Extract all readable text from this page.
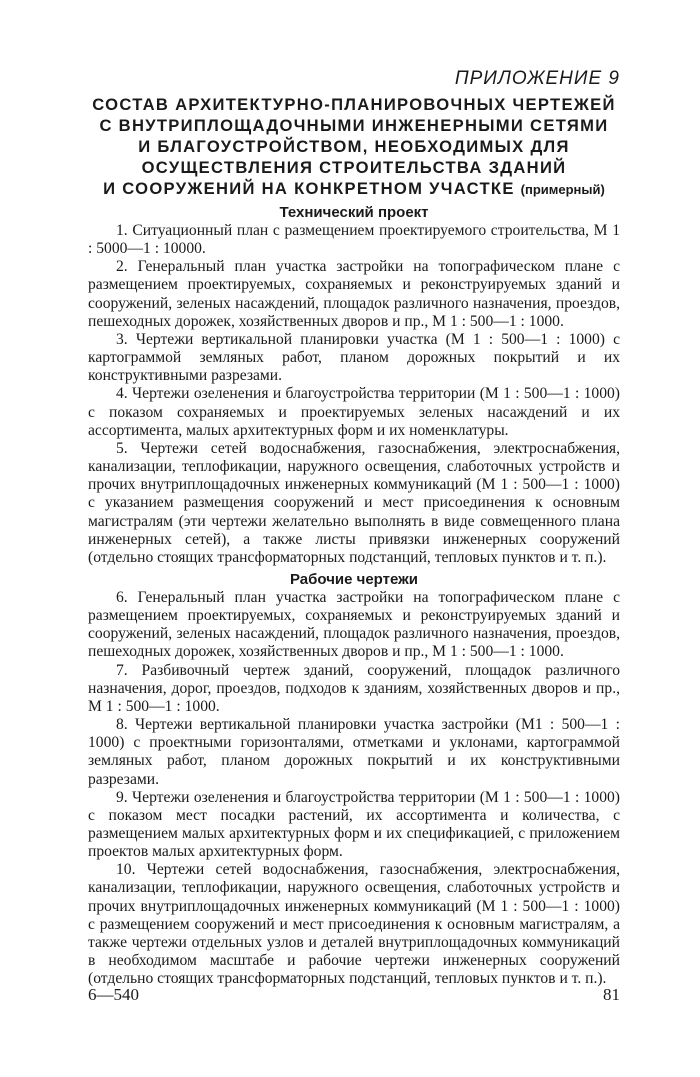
ПРИЛОЖЕНИЕ 9

СОСТАВ АРХИТЕКТУРНО-ПЛАНИРОВОЧНЫХ ЧЕРТЕЖЕЙ
С ВНУТРИПЛОЩАДОЧНЫМИ ИНЖЕНЕРНЫМИ СЕТЯМИ
И БЛАГОУСТРОЙСТВОМ, НЕОБХОДИМЫХ ДЛЯ
ОСУЩЕСТВЛЕНИЯ СТРОИТЕЛЬСТВА ЗДАНИЙ
И СООРУЖЕНИЙ НА КОНКРЕТНОМ УЧАСТКЕ (примерный)
Технический проект

1. Ситуационный план с размещением проектируемого строительства, М 1 : 5000—1 : 10000.

2. Генеральный план участка застройки на топографическом плане с размещением проектируемых, сохраняемых и реконструируемых зданий и сооружений, зеленых насаждений, площадок различного назначения, проездов, пешеходных дорожек, хозяйственных дворов и пр., М 1 : 500—1 : 1000.

3. Чертежи вертикальной планировки участка (М 1 : 500—1 : 1000) с картограммой земляных работ, планом дорожных покрытий и их конструктивными разрезами.

4. Чертежи озеленения и благоустройства территории (М 1 : 500—1 : 1000) с показом сохраняемых и проектируемых зеленых насаждений и их ассортимента, малых архитектурных форм и их номенклатуры.

5. Чертежи сетей водоснабжения, газоснабжения, электроснабжения, канализации, теплофикации, наружного освещения, слаботочных устройств и прочих внутриплощадочных инженерных коммуникаций (М 1 : 500—1 : 1000) с указанием размещения сооружений и мест присоединения к основным магистралям (эти чертежи желательно выполнять в виде совмещенного плана инженерных сетей), а также листы привязки инженерных сооружений (отдельно стоящих трансформаторных подстанций, тепловых пунктов и т. п.).

Рабочие чертежи

6. Генеральный план участка застройки на топографическом плане с размещением проектируемых, сохраняемых и реконструируемых зданий и сооружений, зеленых насаждений, площадок различного назначения, проездов, пешеходных дорожек, хозяйственных дворов и пр., М 1 : 500—1 : 1000.

7. Разбивочный чертеж зданий, сооружений, площадок различного назначения, дорог, проездов, подходов к зданиям, хозяйственных дворов и пр., М 1 : 500—1 : 1000.

8. Чертежи вертикальной планировки участка застройки (М1 : 500—1 : 1000) с проектными горизонталями, отметками и уклонами, картограммой земляных работ, планом дорожных покрытий и их конструктивными разрезами.

9. Чертежи озеленения и благоустройства территории (М 1 : 500—1 : 1000) с показом мест посадки растений, их ассортимента и количества, с размещением малых архитектурных форм и их спецификацией, с приложением проектов малых архитектурных форм.

10. Чертежи сетей водоснабжения, газоснабжения, электроснабжения, канализации, теплофикации, наружного освещения, слаботочных устройств и прочих внутриплощадочных инженерных коммуникаций (М 1 : 500—1 : 1000) с размещением сооружений и мест присоединения к основным магистралям, а также чертежи отдельных узлов и деталей внутриплощадочных коммуникаций в необходимом масштабе и рабочие чертежи инженерных сооружений (отдельно стоящих трансформаторных подстанций, тепловых пунктов и т. п.).

6—540	81
